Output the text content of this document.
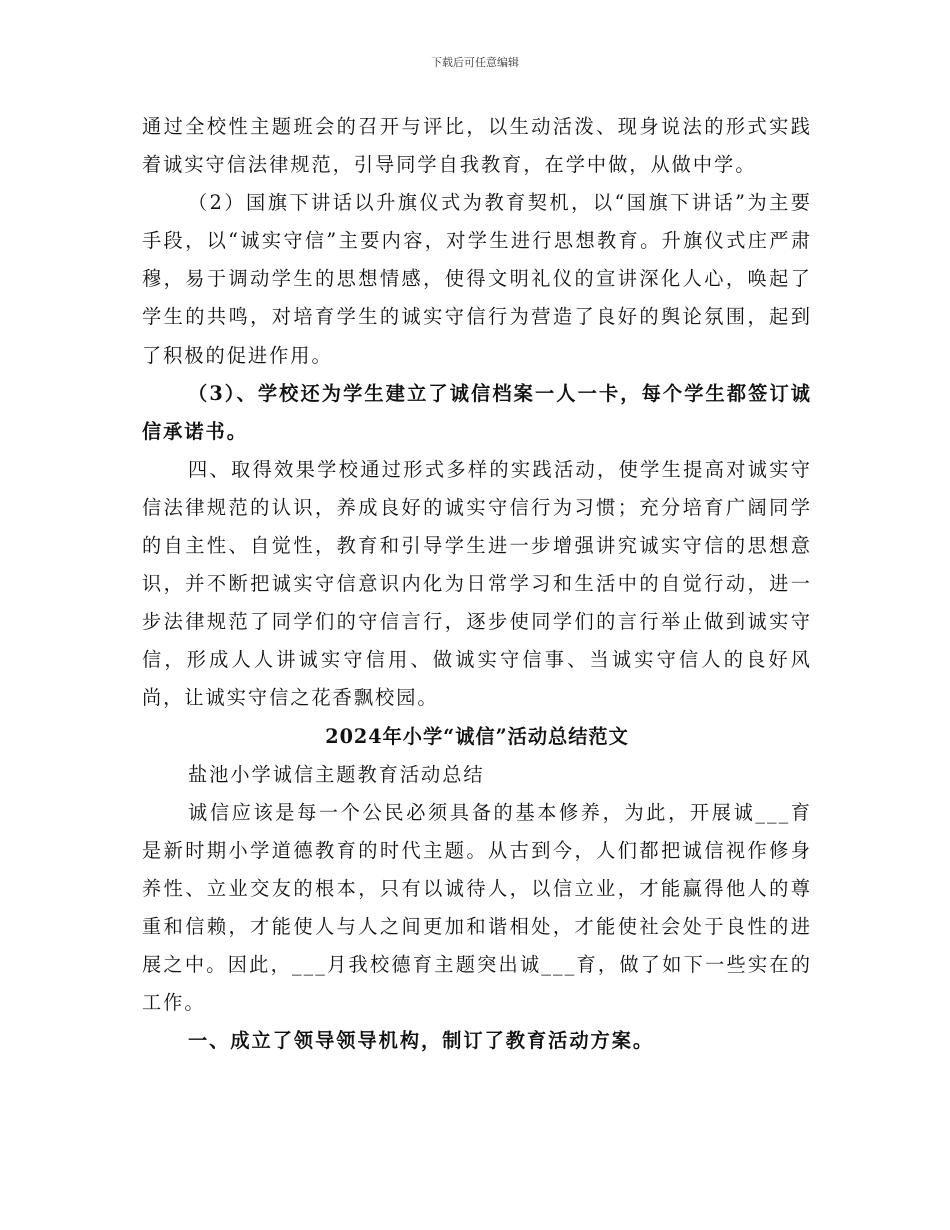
下载后可任意编辑

通过全校性主题班会的召开与评比，以生动活泼、现身说法的形式实践着诚实守信法律规范，引导同学自我教育，在学中做，从做中学。

（2）国旗下讲话以升旗仪式为教育契机，以“国旗下讲话”为主要手段，以“诚实守信”主要内容，对学生进行思想教育。升旗仪式庄严肃穆，易于调动学生的思想情感，使得文明礼仪的宣讲深化人心，唤起了学生的共鸣，对培育学生的诚实守信行为营造了良好的舆论氛围，起到了积极的促进作用。

（3）、学校还为学生建立了诚信档案一人一卡，每个学生都签订诚信承诺书。

四、取得效果学校通过形式多样的实践活动，使学生提高对诚实守信法律规范的认识，养成良好的诚实守信行为习惯；充分培育广阔同学的自主性、自觉性，教育和引导学生进一步增强讲究诚实守信的思想意识，并不断把诚实守信意识内化为日常学习和生活中的自觉行动，进一步法律规范了同学们的守信言行，逐步使同学们的言行举止做到诚实守信，形成人人讲诚实守信用、做诚实守信事、当诚实守信人的良好风尚，让诚实守信之花香飘校园。

2024年小学“诚信”活动总结范文

盐池小学诚信主题教育活动总结

诚信应该是每一个公民必须具备的基本修养，为此，开展诚___育是新时期小学道德教育的时代主题。从古到今，人们都把诚信视作修身养性、立业交友的根本，只有以诚待人，以信立业，才能赢得他人的尊重和信赖，才能使人与人之间更加和谐相处，才能使社会处于良性的进展之中。因此，___月我校德育主题突出诚___育，做了如下一些实在的工作。

一、成立了领导领导机构，制订了教育活动方案。
